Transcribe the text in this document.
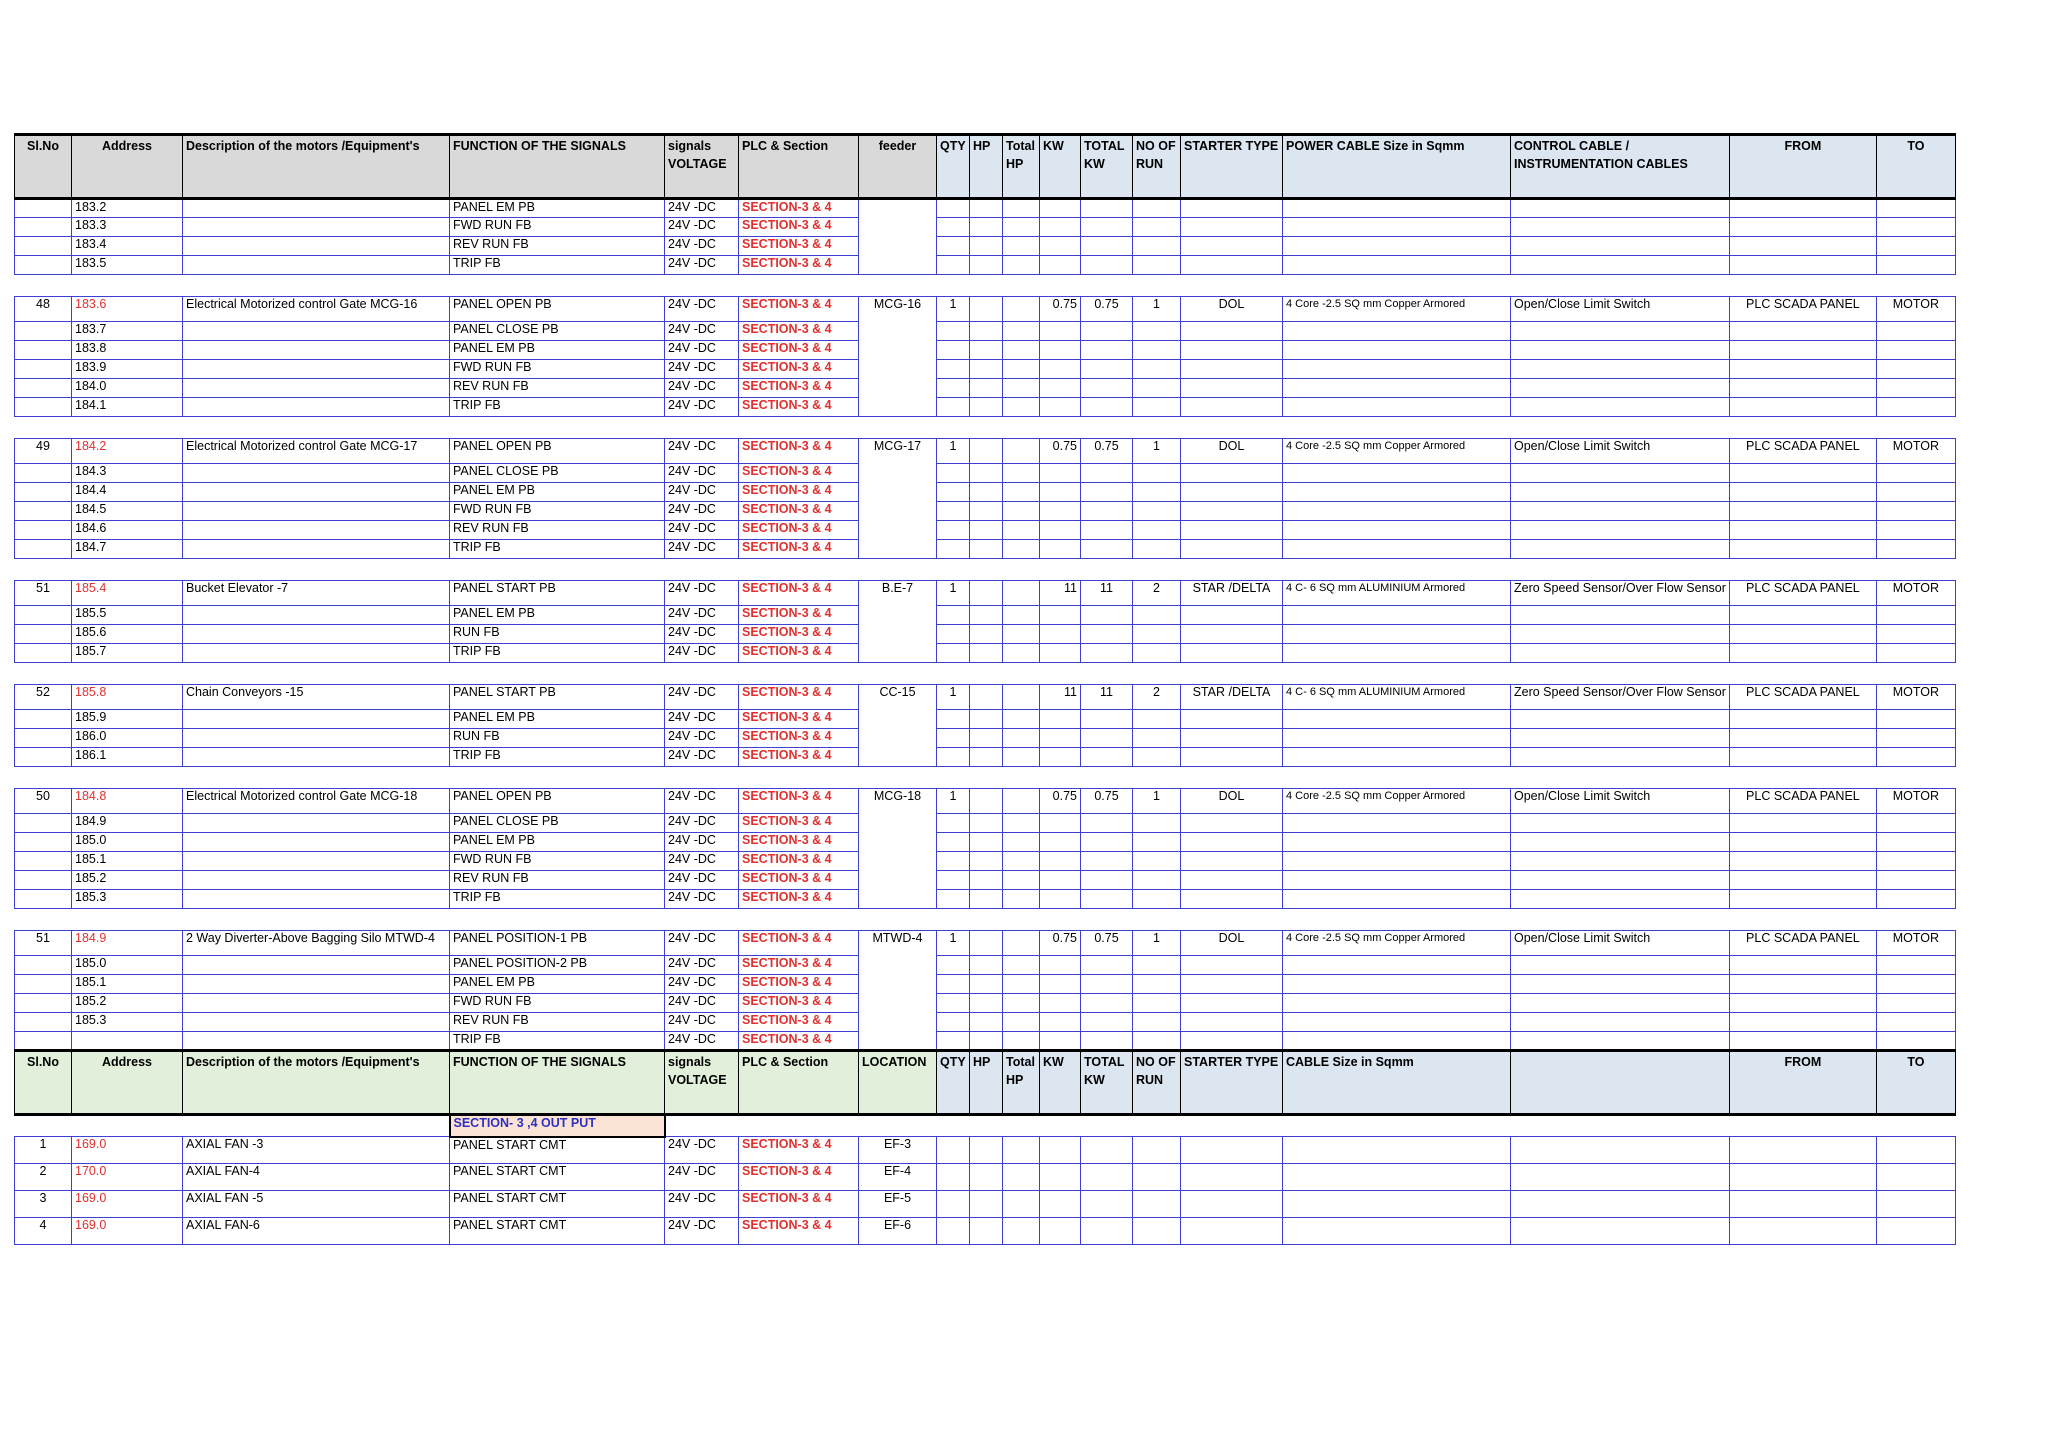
Sl.No	Address	Description of the motors /Equipment's	FUNCTION OF THE SIGNALS	signals VOLTAGE	PLC & Section	feeder	QTY	HP	Total HP	KW	TOTAL KW	NO OF RUN	STARTER TYPE	POWER CABLE Size in Sqmm	CONTROL CABLE / INSTRUMENTATION CABLES	FROM	TO
	183.2		PANEL EM PB	24V -DC	SECTION-3 & 4												
	183.3		FWD RUN FB	24V -DC	SECTION-3 & 4												
	183.4		REV RUN FB	24V -DC	SECTION-3 & 4												
	183.5		TRIP FB	24V -DC	SECTION-3 & 4												

48	183.6	Electrical Motorized control Gate MCG-16	PANEL OPEN PB	24V -DC	SECTION-3 & 4	MCG-16	1			0.75	0.75	1	DOL	4 Core -2.5 SQ mm Copper Armored	Open/Close Limit Switch	PLC SCADA PANEL	MOTOR
	183.7		PANEL CLOSE PB	24V -DC	SECTION-3 & 4												
	183.8		PANEL EM PB	24V -DC	SECTION-3 & 4												
	183.9		FWD RUN FB	24V -DC	SECTION-3 & 4												
	184.0		REV RUN FB	24V -DC	SECTION-3 & 4												
	184.1		TRIP FB	24V -DC	SECTION-3 & 4												

49	184.2	Electrical Motorized control Gate MCG-17	PANEL OPEN PB	24V -DC	SECTION-3 & 4	MCG-17	1			0.75	0.75	1	DOL	4 Core -2.5 SQ mm Copper Armored	Open/Close Limit Switch	PLC SCADA PANEL	MOTOR
	184.3		PANEL CLOSE PB	24V -DC	SECTION-3 & 4												
	184.4		PANEL EM PB	24V -DC	SECTION-3 & 4												
	184.5		FWD RUN FB	24V -DC	SECTION-3 & 4												
	184.6		REV RUN FB	24V -DC	SECTION-3 & 4												
	184.7		TRIP FB	24V -DC	SECTION-3 & 4												

51	185.4	Bucket Elevator -7	PANEL START PB	24V -DC	SECTION-3 & 4	B.E-7	1			11	11	2	STAR /DELTA	4 C- 6 SQ mm ALUMINIUM Armored	Zero Speed Sensor/Over Flow Sensor	PLC SCADA PANEL	MOTOR
	185.5		PANEL EM PB	24V -DC	SECTION-3 & 4												
	185.6		RUN FB	24V -DC	SECTION-3 & 4												
	185.7		TRIP FB	24V -DC	SECTION-3 & 4												

52	185.8	Chain Conveyors -15	PANEL START PB	24V -DC	SECTION-3 & 4	CC-15	1			11	11	2	STAR /DELTA	4 C- 6 SQ mm ALUMINIUM Armored	Zero Speed Sensor/Over Flow Sensor	PLC SCADA PANEL	MOTOR
	185.9		PANEL EM PB	24V -DC	SECTION-3 & 4												
	186.0		RUN FB	24V -DC	SECTION-3 & 4												
	186.1		TRIP FB	24V -DC	SECTION-3 & 4												

50	184.8	Electrical Motorized control Gate MCG-18	PANEL OPEN PB	24V -DC	SECTION-3 & 4	MCG-18	1			0.75	0.75	1	DOL	4 Core -2.5 SQ mm Copper Armored	Open/Close Limit Switch	PLC SCADA PANEL	MOTOR
	184.9		PANEL CLOSE PB	24V -DC	SECTION-3 & 4												
	185.0		PANEL EM PB	24V -DC	SECTION-3 & 4												
	185.1		FWD RUN FB	24V -DC	SECTION-3 & 4												
	185.2		REV RUN FB	24V -DC	SECTION-3 & 4												
	185.3		TRIP FB	24V -DC	SECTION-3 & 4												

51	184.9	2 Way Diverter-Above Bagging Silo MTWD-4	PANEL POSITION-1 PB	24V -DC	SECTION-3 & 4	MTWD-4	1			0.75	0.75	1	DOL	4 Core -2.5 SQ mm Copper Armored	Open/Close Limit Switch	PLC SCADA PANEL	MOTOR
	185.0		PANEL POSITION-2 PB	24V -DC	SECTION-3 & 4												
	185.1		PANEL EM PB	24V -DC	SECTION-3 & 4												
	185.2		FWD RUN FB	24V -DC	SECTION-3 & 4												
	185.3		REV RUN FB	24V -DC	SECTION-3 & 4												
			TRIP FB	24V -DC	SECTION-3 & 4												
Sl.No	Address	Description of the motors /Equipment's	FUNCTION OF THE SIGNALS	signals VOLTAGE	PLC & Section	LOCATION	QTY	HP	Total HP	KW	TOTAL KW	NO OF RUN	STARTER TYPE	CABLE Size in Sqmm		FROM	TO
			SECTION- 3 ,4 OUT PUT														
1	169.0	AXIAL FAN -3	PANEL START CMT	24V -DC	SECTION-3 & 4	EF-3											
2	170.0	AXIAL FAN-4	PANEL START CMT	24V -DC	SECTION-3 & 4	EF-4											
3	169.0	AXIAL FAN -5	PANEL START CMT	24V -DC	SECTION-3 & 4	EF-5											
4	169.0	AXIAL FAN-6	PANEL START CMT	24V -DC	SECTION-3 & 4	EF-6											
